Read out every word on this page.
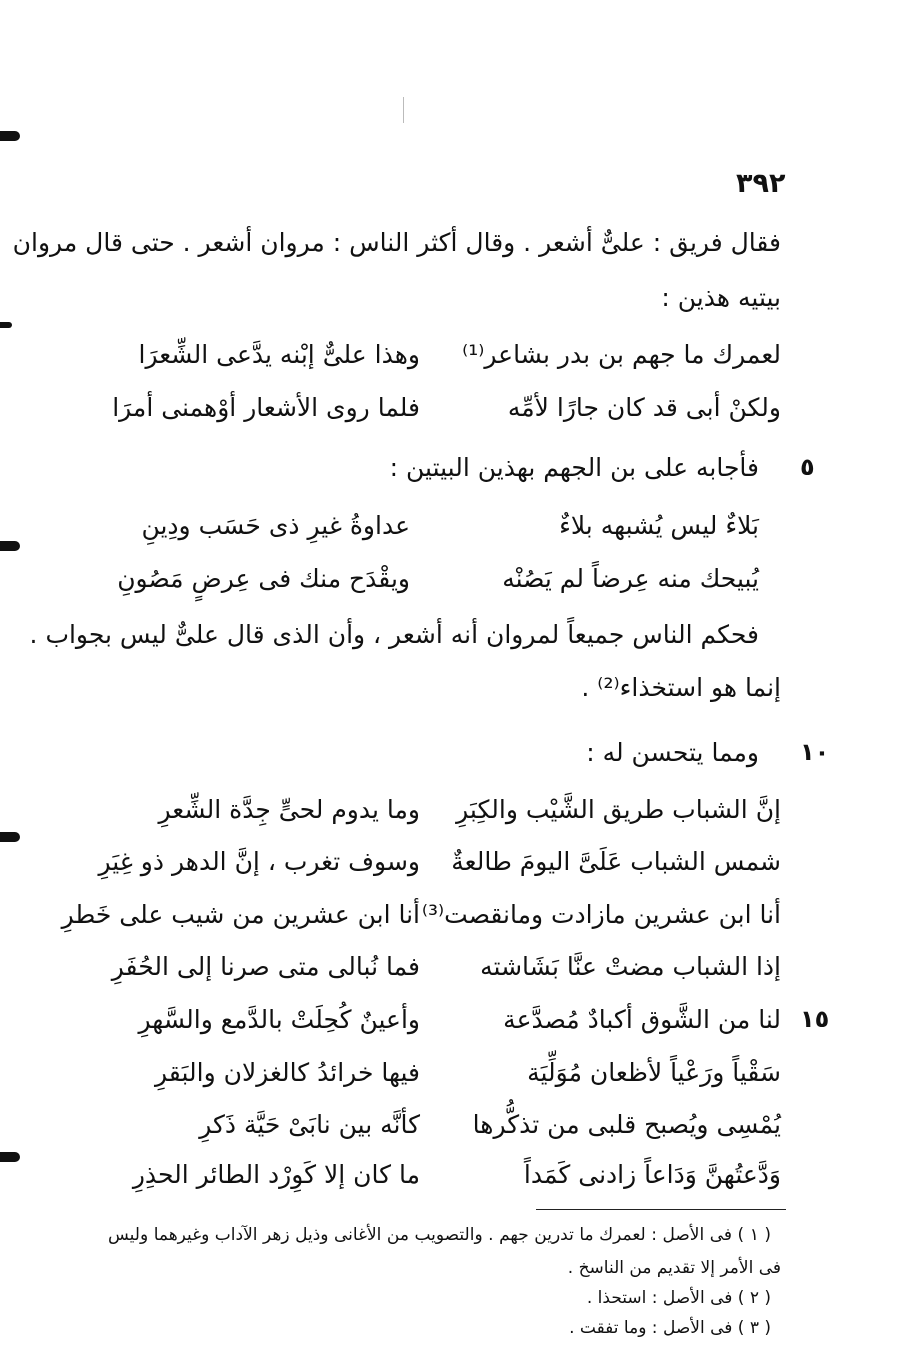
٣٩٢
فقال فريق : علىٌّ أشعر . وقال أكثر الناس : مروان أشعر . حتى قال مروان
بيتيه هذين :
لعمرك ما جهم بن بدر بشاعر⁽¹⁾
وهذا علىٌّ إبْنه يدَّعى الشِّعرَا
ولكنْ أبى قد كان جارًا لأمِّه
فلما روى الأشعار أوْهمنى أمرَا
٥
فأجابه على بن الجهم بهذين البيتين :
بَلاءٌ ليس يُشبهه بلاءٌ
عداوةُ غيرِ ذى حَسَب ودِينِ
يُبيحك منه عِرضاً لم يَصُنْه
ويقْدَح منك فى عِرضٍ مَصُونِ
فحكم الناس جميعاً لمروان أنه أشعر ، وأن الذى قال علىٌّ ليس بجواب .
إنما هو استخذاء⁽²⁾ .
١٠
ومما يتحسن له :
إنَّ الشباب طريق الشَّيْب والكِبَرِ
وما يدوم لحىٍّ جِدَّة الشِّعرِ
شمس الشباب عَلَىَّ اليومَ طالعةٌ
وسوف تغرب ، إنَّ الدهر ذو غِيَرِ
أنا ابن عشرين مازادت ومانقصت⁽³⁾
أنا ابن عشرين من شيب على خَطرِ
إذا الشباب مضتْ عنَّا بَشَاشته
فما نُبالى متى صرنا إلى الحُفَرِ
١٥
لنا من الشَّوق أكبادٌ مُصدَّعة
وأعينٌ كُحِلَتْ بالدَّمع والسَّهرِ
سَقْياً ورَعْياً لأظعان مُوَلِّيَة
فيها خرائدُ كالغزلان والبَقرِ
يُمْسِى ويُصبح قلبى من تذكُّرها
كأنَّه بين نابَىْ حَيَّة ذَكرِ
وَدَّعتُهنَّ وَدَاعاً زادنى كَمَداً
ما كان إلا كَوِرْد الطائر الحذِرِ
( ١ ) فى الأصل : لعمرك ما تدرين جهم . والتصويب من الأغانى وذيل زهر الآداب وغيرهما وليس
فى الأمر إلا تقديم من الناسخ .
( ٢ ) فى الأصل : استحذا .
( ٣ ) فى الأصل : وما تفقت .
